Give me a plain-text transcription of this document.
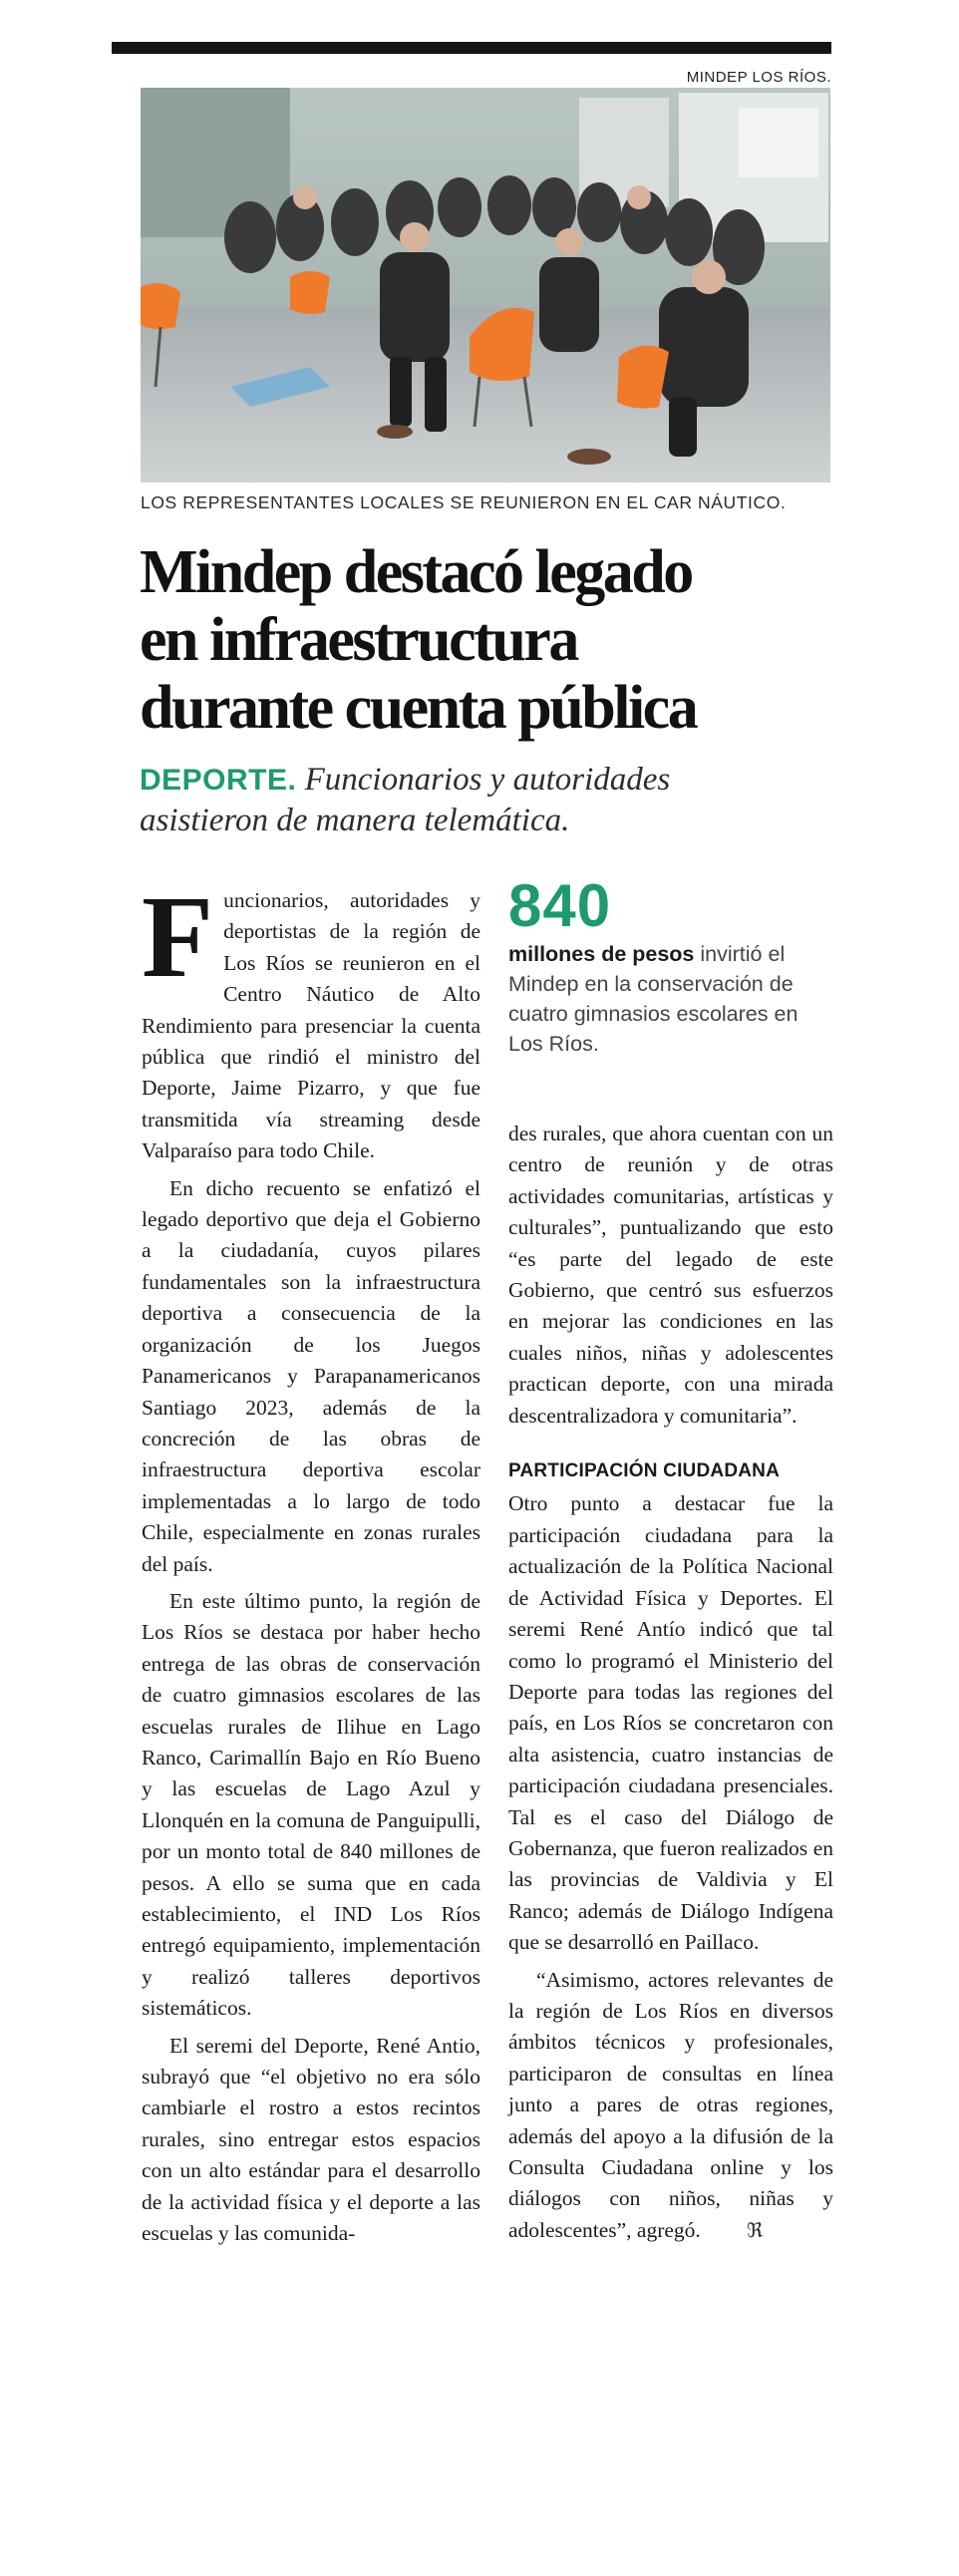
MINDEP LOS RÍOS.
LOS REPRESENTANTES LOCALES SE REUNIERON EN EL CAR NÁUTICO.
Mindep destacó legado
en infraestructura
durante cuenta pública
DEPORTE. Funcionarios y autoridades
asistieron de manera telemática.

Funcionarios, autoridades y deportistas de la región de Los Ríos se reunieron en el Centro Náutico de Alto Rendimiento para presenciar la cuenta pública que rindió el ministro del Deporte, Jaime Pizarro, y que fue transmitida vía streaming desde Valparaíso para todo Chile.

En dicho recuento se enfatizó el legado deportivo que deja el Gobierno a la ciudadanía, cuyos pilares fundamentales son la infraestructura deportiva a consecuencia de la organización de los Juegos Panamericanos y Parapanamericanos Santiago 2023, además de la concreción de las obras de infraestructura deportiva escolar implementadas a lo largo de todo Chile, especialmente en zonas rurales del país.

En este último punto, la región de Los Ríos se destaca por haber hecho entrega de las obras de conservación de cuatro gimnasios escolares de las escuelas rurales de Ilihue en Lago Ranco, Carimallín Bajo en Río Bueno y las escuelas de Lago Azul y Llonquén en la comuna de Panguipulli, por un monto total de 840 millones de pesos. A ello se suma que en cada establecimiento, el IND Los Ríos entregó equipamiento, implementación y realizó talleres deportivos sistemáticos.

El seremi del Deporte, René Antio, subrayó que “el objetivo no era sólo cambiarle el rostro a estos recintos rurales, sino entregar estos espacios con un alto estándar para el desarrollo de la actividad física y el deporte a las escuelas y las comunida-

840
millones de pesos invirtió el Mindep en la conservación de cuatro gimnasios escolares en Los Ríos.

des rurales, que ahora cuentan con un centro de reunión y de otras actividades comunitarias, artísticas y culturales”, puntualizando que esto “es parte del legado de este Gobierno, que centró sus esfuerzos en mejorar las condiciones en las cuales niños, niñas y adolescentes practican deporte, con una mirada descentralizadora y comunitaria”.

PARTICIPACIÓN CIUDADANA

Otro punto a destacar fue la participación ciudadana para la actualización de la Política Nacional de Actividad Física y Deportes. El seremi René Antío indicó que tal como lo programó el Ministerio del Deporte para todas las regiones del país, en Los Ríos se concretaron con alta asistencia, cuatro instancias de participación ciudadana presenciales. Tal es el caso del Diálogo de Gobernanza, que fueron realizados en las provincias de Valdivia y El Ranco; además de Diálogo Indígena que se desarrolló en Paillaco.

“Asimismo, actores relevantes de la región de Los Ríos en diversos ámbitos técnicos y profesionales, participaron de consultas en línea junto a pares de otras regiones, además del apoyo a la difusión de la Consulta Ciudadana online y los diálogos con niños, niñas y adolescentes”, agregó. ℜ
